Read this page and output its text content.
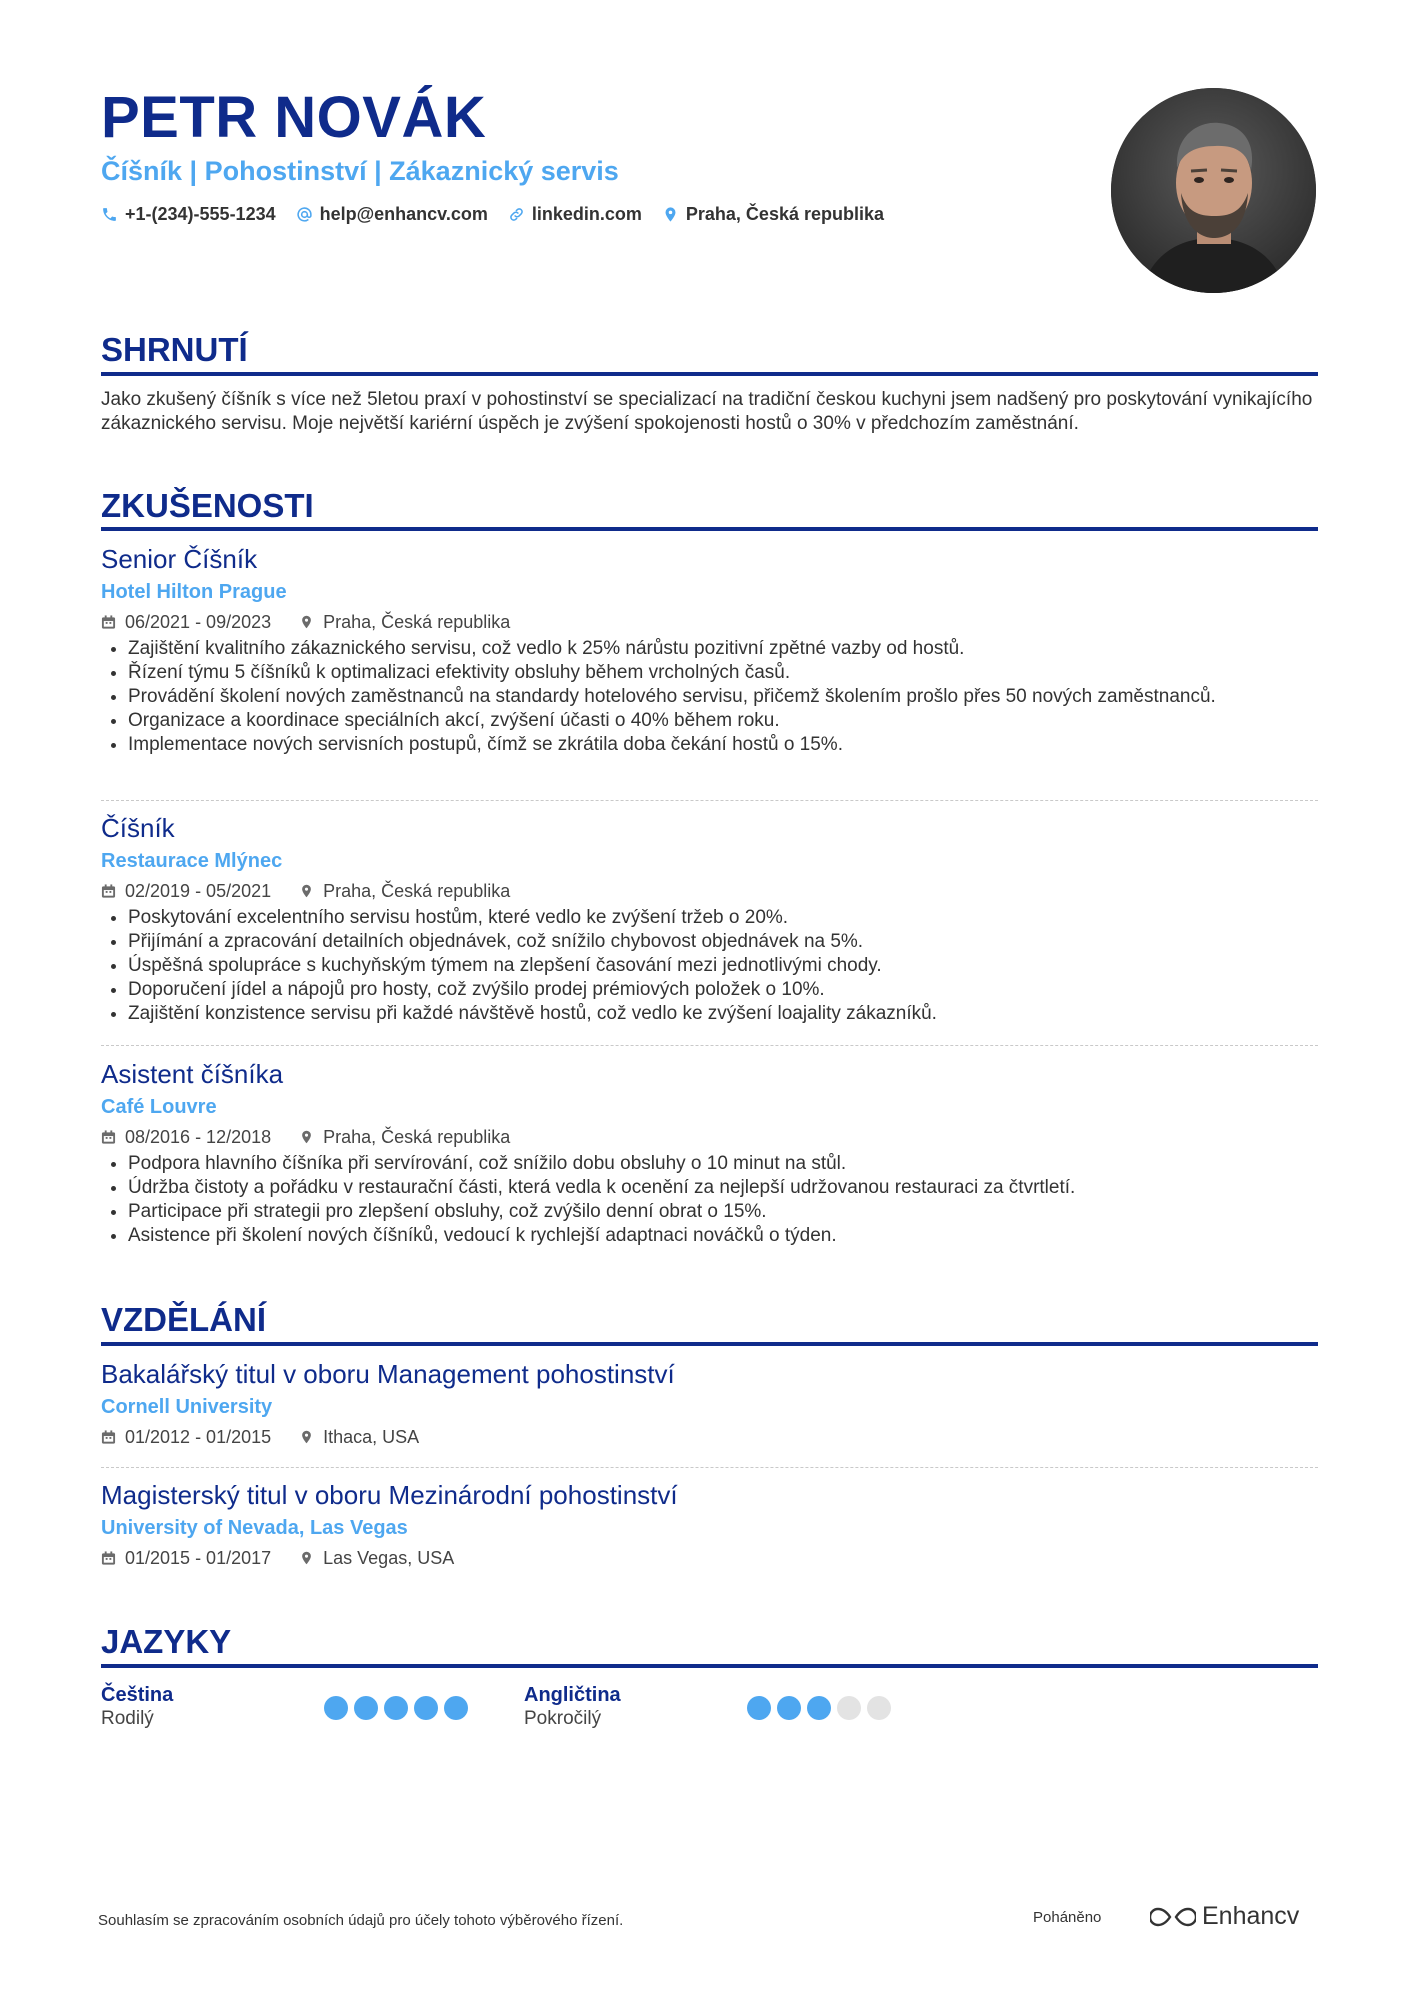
PETR NOVÁK

Číšník | Pohostinství | Zákaznický servis

+1-(234)-555-1234 help@enhancv.com linkedin.com Praha, Česká republika
SHRNUTÍ

Jako zkušený číšník s více než 5letou praxí v pohostinství se specializací na tradiční českou kuchyni jsem nadšený pro poskytování vynikajícího zákaznického servisu. Moje největší kariérní úspěch je zvýšení spokojenosti hostů o 30% v předchozím zaměstnání.

ZKUŠENOSTI

Senior Číšník

Hotel Hilton Prague

06/2021 - 09/2023	Praha, Česká republika
Zajištění kvalitního zákaznického servisu, což vedlo k 25% nárůstu pozitivní zpětné vazby od hostů.
Řízení týmu 5 číšníků k optimalizaci efektivity obsluhy během vrcholných časů.
Provádění školení nových zaměstnanců na standardy hotelového servisu, přičemž školením prošlo přes 50 nových zaměstnanců.
Organizace a koordinace speciálních akcí, zvýšení účasti o 40% během roku.
Implementace nových servisních postupů, čímž se zkrátila doba čekání hostů o 15%.

Číšník

Restaurace Mlýnec

02/2019 - 05/2021	Praha, Česká republika
Poskytování excelentního servisu hostům, které vedlo ke zvýšení tržeb o 20%.
Přijímání a zpracování detailních objednávek, což snížilo chybovost objednávek na 5%.
Úspěšná spolupráce s kuchyňským týmem na zlepšení časování mezi jednotlivými chody.
Doporučení jídel a nápojů pro hosty, což zvýšilo prodej prémiových položek o 10%.
Zajištění konzistence servisu při každé návštěvě hostů, což vedlo ke zvýšení loajality zákazníků.

Asistent číšníka

Café Louvre

08/2016 - 12/2018	Praha, Česká republika
Podpora hlavního číšníka při servírování, což snížilo dobu obsluhy o 10 minut na stůl.
Údržba čistoty a pořádku v restaurační části, která vedla k ocenění za nejlepší udržovanou restauraci za čtvrtletí.
Participace při strategii pro zlepšení obsluhy, což zvýšilo denní obrat o 15%.
Asistence při školení nových číšníků, vedoucí k rychlejší adaptnaci nováčků o týden.
VZDĚLÁNÍ

Bakalářský titul v oboru Management pohostinství

Cornell University

01/2012 - 01/2015	Ithaca, USA

Magisterský titul v oboru Mezinárodní pohostinství

University of Nevada, Las Vegas

01/2015 - 01/2017	Las Vegas, USA
JAZYKY

Čeština

Rodilý

Angličtina

Pokročilý

Souhlasím se zpracováním osobních údajů pro účely tohoto výběrového řízení.	Poháněno	Enhancv
